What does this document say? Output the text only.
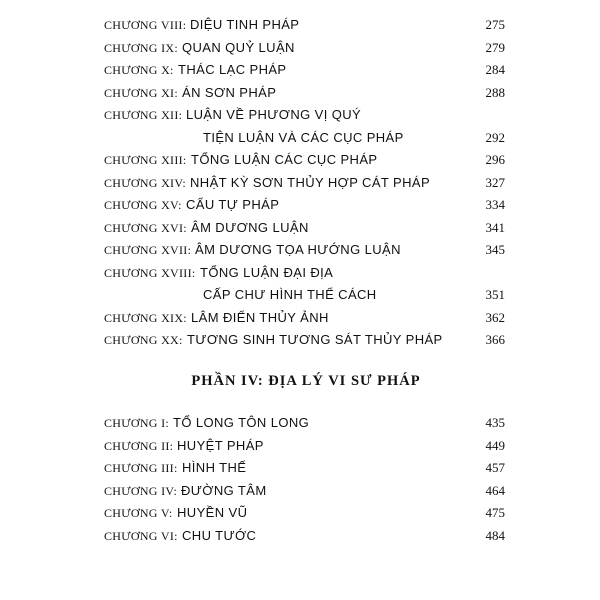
CHƯƠNG VIII: DIỆU TINH PHÁP	275
CHƯƠNG IX: QUAN QUỶ LUẬN	279
CHƯƠNG X: THÁC LẠC PHÁP	284
CHƯƠNG XI: ÁN SƠN PHÁP	288
CHƯƠNG XII: LUẬN VỀ PHƯƠNG VỊ QUÝ
TIỆN LUẬN VÀ CÁC CỤC PHÁP	292
CHƯƠNG XIII: TỔNG LUẬN CÁC CỤC PHÁP	296
CHƯƠNG XIV: NHẬT KỲ SƠN THỦY HỢP CÁT PHÁP	327
CHƯƠNG XV: CẨU TỰ PHÁP	334
CHƯƠNG XVI: ÂM DƯƠNG LUẬN	341
CHƯƠNG XVII: ÂM DƯƠNG TỌA HƯỚNG LUẬN	345
CHƯƠNG XVIII: TỔNG LUẬN ĐẠI ĐỊA
CẤP CHƯ HÌNH THỂ CÁCH	351
CHƯƠNG XIX: LÂM ĐIỂN THỦY ẢNH	362
CHƯƠNG XX: TƯƠNG SINH TƯƠNG SÁT THỦY PHÁP	366
PHẦN IV: ĐỊA LÝ VI SƯ PHÁP
CHƯƠNG I: TỔ LONG TÔN LONG	435
CHƯƠNG II: HUYỆT PHÁP	449
CHƯƠNG III: HÌNH THẾ	457
CHƯƠNG IV: ĐƯỜNG TÂM	464
CHƯƠNG V: HUYỀN VŨ	475
CHƯƠNG VI: CHU TƯỚC	484
